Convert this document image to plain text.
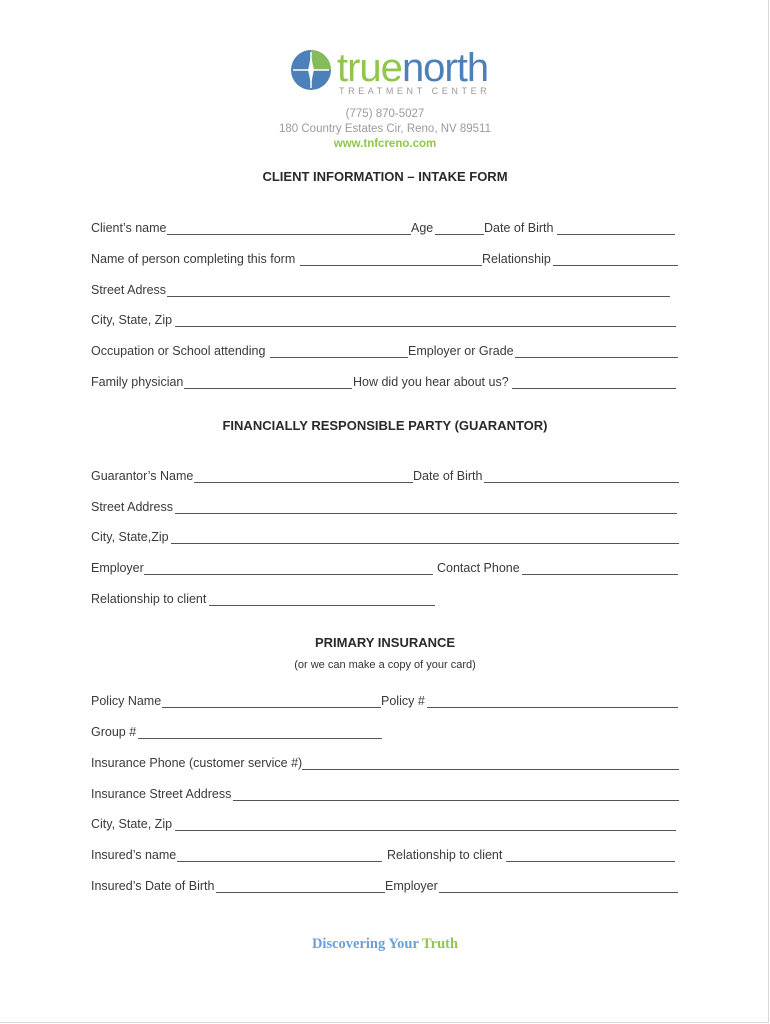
truenorth
TREATMENT CENTER
(775) 870-5027
180 Country Estates Cir, Reno, NV 89511
www.tnfcreno.com
CLIENT INFORMATION – INTAKE FORM
Client’s name	Age	Date of Birth
Name of person completing this form	Relationship
Street Adress
City, State, Zip
Occupation or School attending	Employer or Grade
Family physician	How did you hear about us?
FINANCIALLY RESPONSIBLE PARTY (GUARANTOR)
Guarantor’s Name	Date of Birth
Street Address
City, State,Zip
Employer	Contact Phone
Relationship to client
PRIMARY INSURANCE
(or we can make a copy of your card)
Policy Name	Policy #
Group #
Insurance Phone (customer service #)
Insurance Street Address
City, State, Zip
Insured’s name	Relationship to client
Insured’s Date of Birth	Employer
Discovering Your Truth
